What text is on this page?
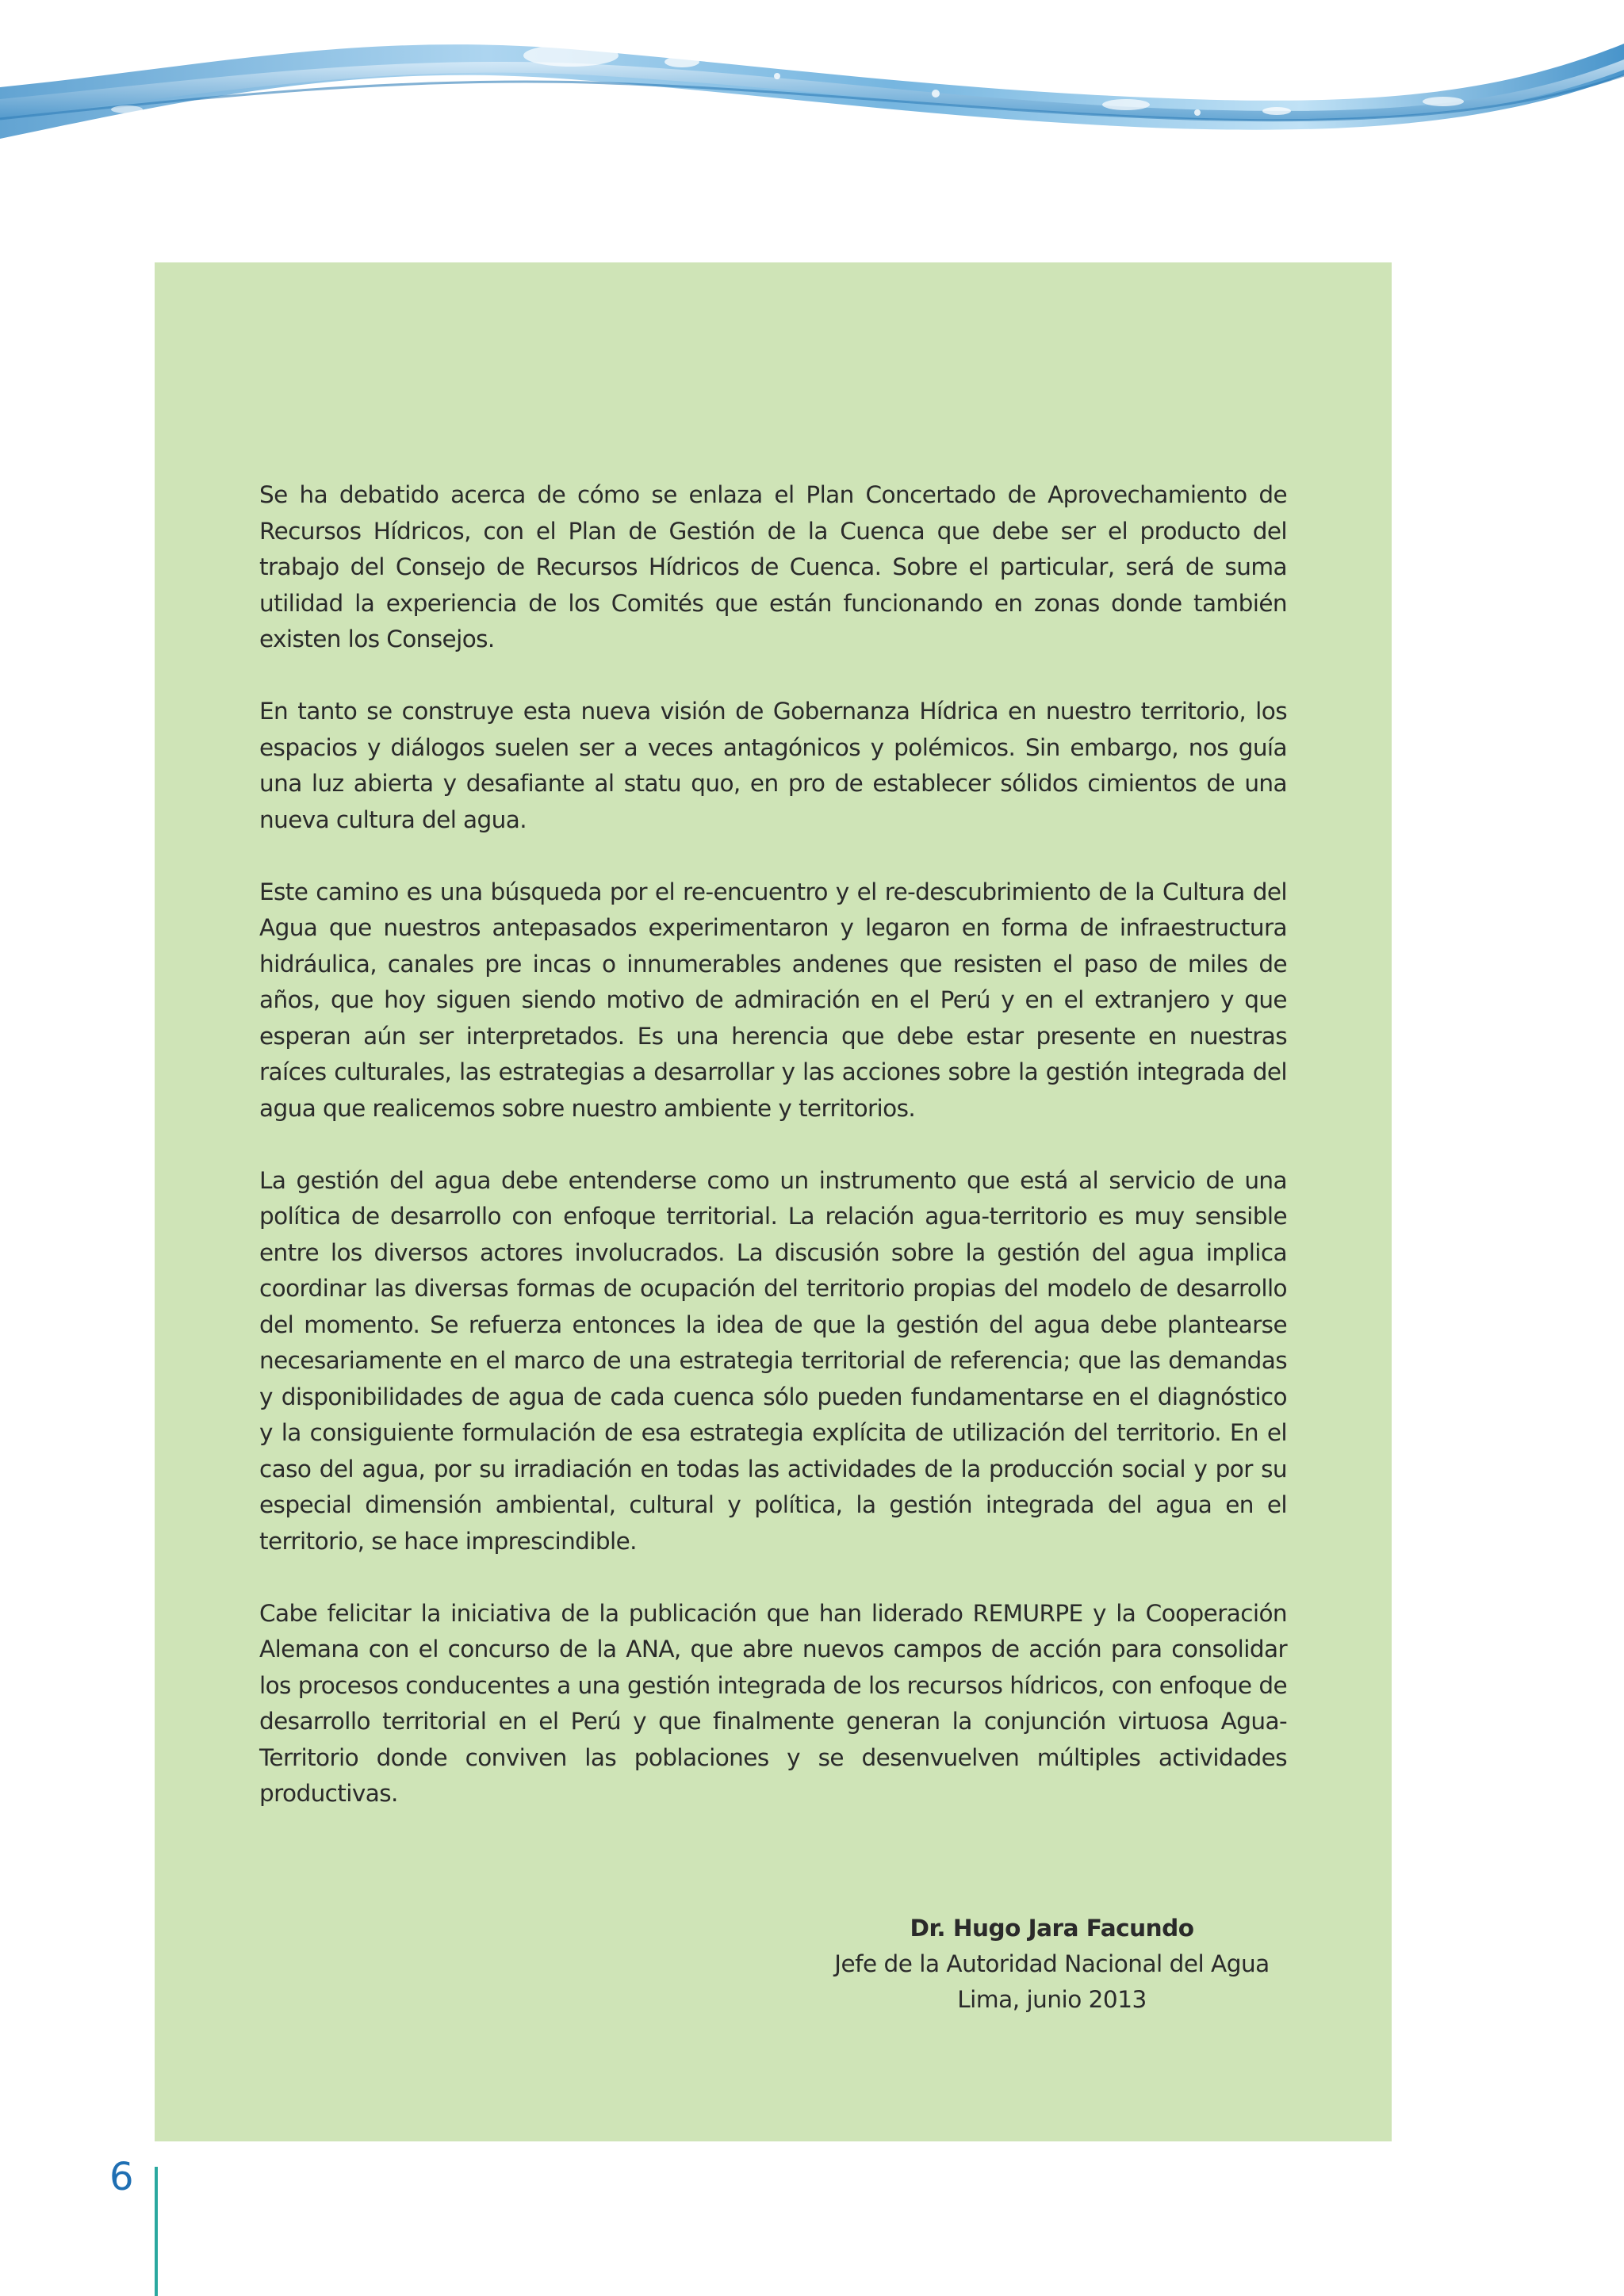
Se ha debatido acerca de cómo se enlaza el Plan Concertado de Aprovechamiento de Recursos Hídricos, con el Plan de Gestión de la Cuenca que debe ser el producto del trabajo del Consejo de Recursos Hídricos de Cuenca. Sobre el particular, será de suma utilidad la experiencia de los Comités que están funcionando en zonas donde también existen los Consejos.

En tanto se construye esta nueva visión de Gobernanza Hídrica en nuestro territorio, los espacios y diálogos suelen ser a veces antagónicos y polémicos. Sin embargo, nos guía una luz abierta y desafiante al statu quo, en pro de establecer sólidos cimientos de una nueva cultura del agua.

Este camino es una búsqueda por el re-encuentro y el re-descubrimiento de la Cultura del Agua que nuestros antepasados experimentaron y legaron en forma de infraestructura hidráulica, canales pre incas o innumerables andenes que resisten el paso de miles de años, que hoy siguen siendo motivo de admiración en el Perú y en el extranjero y que esperan aún ser interpretados. Es una herencia que debe estar presente en nuestras raíces culturales, las estrategias a desarrollar y las acciones sobre la gestión integrada del agua que realicemos sobre nuestro ambiente y territorios.

La gestión del agua debe entenderse como un instrumento que está al servicio de una política de desarrollo con enfoque territorial. La relación agua-territorio es muy sensible entre los diversos actores involucrados. La discusión sobre la gestión del agua implica coordinar las diversas formas de ocupación del territorio propias del modelo de desarrollo del momento. Se refuerza entonces la idea de que la gestión del agua debe plantearse necesariamente en el marco de una estrategia territorial de referencia; que las demandas y disponibilidades de agua de cada cuenca sólo pueden fundamentarse en el diagnóstico y la consiguiente formulación de esa estrategia explícita de utilización del territorio. En el caso del agua, por su irradiación en todas las actividades de la producción social y por su especial dimensión ambiental, cultural y política, la gestión integrada del agua en el territorio, se hace imprescindible.

Cabe felicitar la iniciativa de la publicación que han liderado REMURPE y la Cooperación Alemana con el concurso de la ANA, que abre nuevos campos de acción para consolidar los procesos conducentes a una gestión integrada de los recursos hídricos, con enfoque de desarrollo territorial en el Perú y que finalmente generan la conjunción virtuosa Agua-Territorio donde conviven las poblaciones y se desenvuelven múltiples actividades productivas.

Dr. Hugo Jara Facundo
Jefe de la Autoridad Nacional del Agua
Lima, junio 2013
6
